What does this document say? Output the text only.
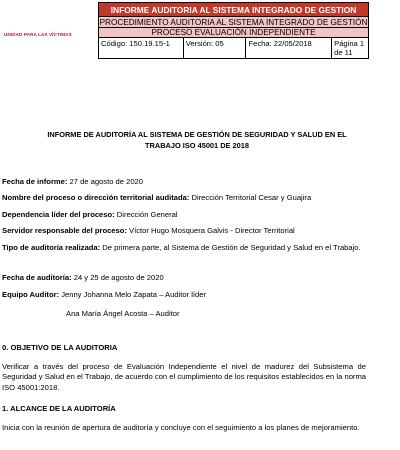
UNIDAD PARA LAS VÍCTIMAS
INFORME AUDITORIA AL SISTEMA INTEGRADO DE GESTION
PROCEDIMIENTO AUDITORIA AL SISTEMA INTEGRADO DE GESTIÓN
PROCESO EVALUACIÓN INDEPENDIENTE
Código: 150.19.15-1	Versión: 05	Fecha: 22/05/2018	Página 1 de 11
INFORME DE AUDITORÍA AL SISTEMA DE GESTIÓN DE SEGURIDAD Y SALUD EN EL
TRABAJO ISO 45001 DE 2018
Fecha de informe: 27 de agosto de 2020
Nombre del proceso o dirección territorial auditada: Dirección Territorial Cesar y Guajira
Dependencia líder del proceso: Dirección General
Servidor responsable del proceso: Víctor Hugo Mosquera Galvis - Director Territorial
Tipo de auditoría realizada: De primera parte, al Sistema de Gestión de Seguridad y Salud en el Trabajo.
Fecha de auditoría: 24 y 25 de agosto de 2020
Equipo Auditor: Jenny Johanna Melo Zapata – Auditor líder
Ana María Ángel Acosta – Auditor
0. OBJETIVO DE LA AUDITORIA
Verificar a través del proceso de Evaluación Independiente el nivel de madurez del Subsistema de Seguridad y Salud en el Trabajo, de acuerdo con el cumplimiento de los requisitos establecidos en la norma ISO 45001:2018.
1. ALCANCE DE LA AUDITORÍA
Inicia con la reunión de apertura de auditoría y concluye con el seguimiento a los planes de mejoramiento.
